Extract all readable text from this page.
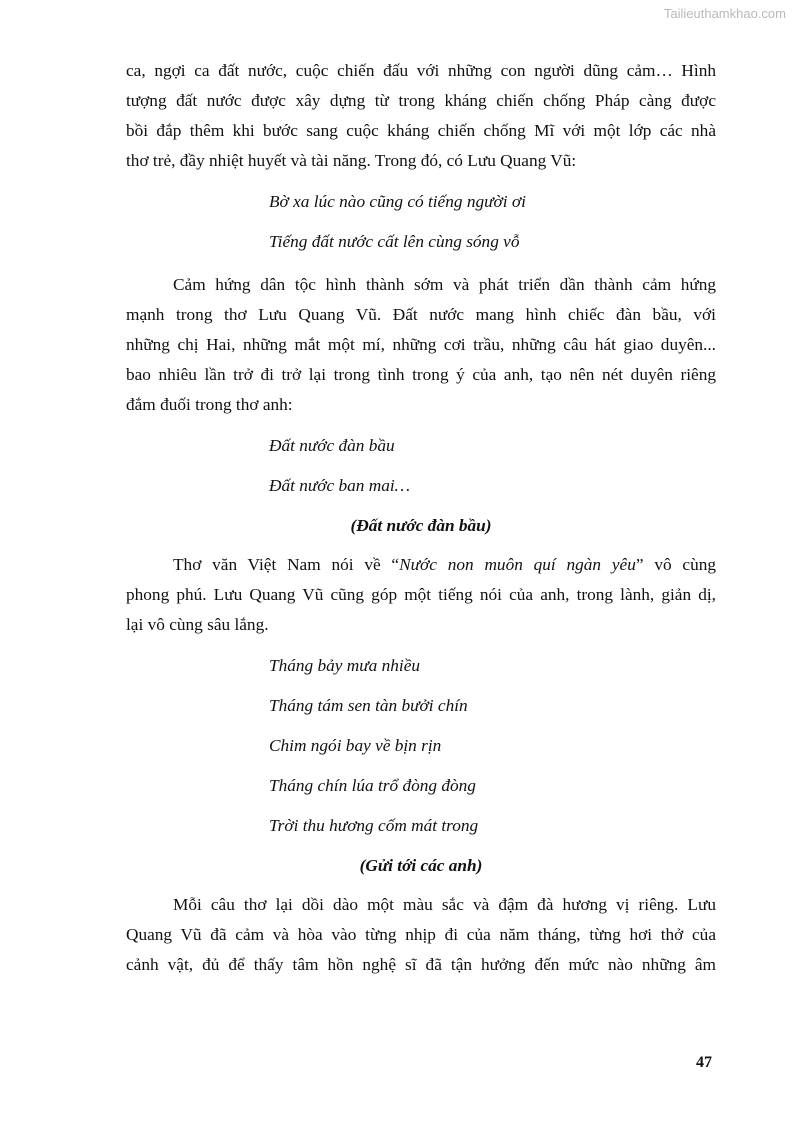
Tailieuthamkhao.com
ca, ngợi ca đất nước, cuộc chiến đấu với những con người dũng cảm… Hình
tượng đất nước được xây dựng từ trong kháng chiến chống Pháp càng được
bồi đắp thêm khi bước sang cuộc kháng chiến chống Mĩ với một lớp các nhà
thơ trẻ, đầy nhiệt huyết và tài năng. Trong đó, có Lưu Quang Vũ:

Bờ xa lúc nào cũng có tiếng người ơi

Tiếng đất nước cất lên cùng sóng vỗ

Cảm hứng dân tộc hình thành sớm và phát triển dần thành cảm hứng
mạnh trong thơ Lưu Quang Vũ. Đất nước mang hình chiếc đàn bầu, với
những chị Hai, những mắt một mí, những cơi trầu, những câu hát giao duyên...
bao nhiêu lần trở đi trở lại trong tình trong ý của anh, tạo nên nét duyên riêng
đắm đuối trong thơ anh:

Đất nước đàn bầu

Đất nước ban mai…

(Đất nước đàn bầu)

Thơ văn Việt Nam nói về “Nước non muôn quí ngàn yêu” vô cùng
phong phú. Lưu Quang Vũ cũng góp một tiếng nói của anh, trong lành, giản dị,
lại vô cùng sâu lắng.

Tháng bảy mưa nhiều

Tháng tám sen tàn bưởi chín

Chim ngói bay về bịn rịn

Tháng chín lúa trổ đòng đòng

Trời thu hương cốm mát trong

(Gửi tới các anh)

Mỗi câu thơ lại dồi dào một màu sắc và đậm đà hương vị riêng. Lưu
Quang Vũ đã cảm và hòa vào từng nhịp đi của năm tháng, từng hơi thở của
cảnh vật, đủ để thấy tâm hồn nghệ sĩ đã tận hưởng đến mức nào những âm
47
